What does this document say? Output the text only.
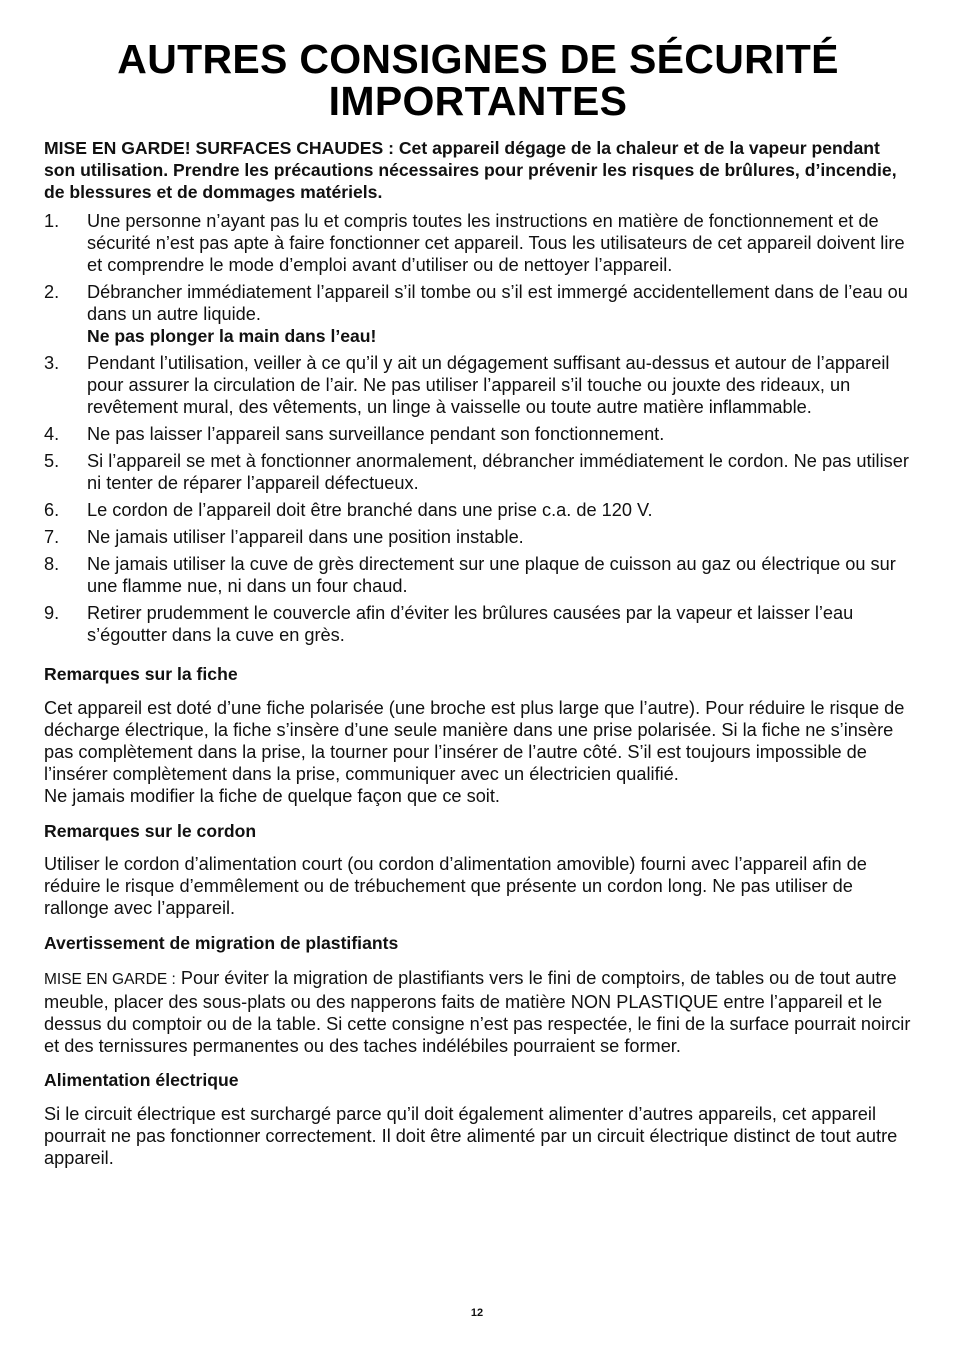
AUTRES CONSIGNES DE SÉCURITÉ IMPORTANTES

MISE EN GARDE! SURFACES CHAUDES : Cet appareil dégage de la chaleur et de la vapeur pendant son utilisation. Prendre les précautions nécessaires pour prévenir les risques de brûlures, d’incendie, de blessures et de dommages matériels.

1. Une personne n’ayant pas lu et compris toutes les instructions en matière de fonctionnement et de sécurité n’est pas apte à faire fonctionner cet appareil. Tous les utilisateurs de cet appareil doivent lire et comprendre le mode d’emploi avant d’utiliser ou de nettoyer l’appareil.
2. Débrancher immédiatement l’appareil s’il tombe ou s’il est immergé accidentellement dans de l’eau ou dans un autre liquide.
Ne pas plonger la main dans l’eau!
3. Pendant l’utilisation, veiller à ce qu’il y ait un dégagement suffisant au-dessus et autour de l’appareil pour assurer la circulation de l’air. Ne pas utiliser l’appareil s’il touche ou jouxte des rideaux, un revêtement mural, des vêtements, un linge à vaisselle ou toute autre matière inflammable.
4. Ne pas laisser l’appareil sans surveillance pendant son fonctionnement.
5. Si l’appareil se met à fonctionner anormalement, débrancher immédiatement le cordon. Ne pas utiliser ni tenter de réparer l’appareil défectueux.
6. Le cordon de l’appareil doit être branché dans une prise c.a. de 120 V.
7. Ne jamais utiliser l’appareil dans une position instable.
8. Ne jamais utiliser la cuve de grès directement sur une plaque de cuisson au gaz ou électrique ou sur une flamme nue, ni dans un four chaud.
9. Retirer prudemment le couvercle afin d’éviter les brûlures causées par la vapeur et laisser l’eau s’égoutter dans la cuve en grès.
Remarques sur la fiche

Cet appareil est doté d’une fiche polarisée (une broche est plus large que l’autre). Pour réduire le risque de décharge électrique, la fiche s’insère d’une seule manière dans une prise polarisée. Si la fiche ne s’insère pas complètement dans la prise, la tourner pour l’insérer de l’autre côté. S’il est toujours impossible de l’insérer complètement dans la prise, communiquer avec un électricien qualifié.

Ne jamais modifier la fiche de quelque façon que ce soit.

Remarques sur le cordon

Utiliser le cordon d’alimentation court (ou cordon d’alimentation amovible) fourni avec l’appareil afin de réduire le risque d’emmêlement ou de trébuchement que présente un cordon long. Ne pas utiliser de rallonge avec l’appareil.

Avertissement de migration de plastifiants

MISE EN GARDE : Pour éviter la migration de plastifiants vers le fini de comptoirs, de tables ou de tout autre meuble, placer des sous-plats ou des napperons faits de matière NON PLASTIQUE entre l’appareil et le dessus du comptoir ou de la table. Si cette consigne n’est pas respectée, le fini de la surface pourrait noircir et des ternissures permanentes ou des taches indélébiles pourraient se former.

Alimentation électrique

Si le circuit électrique est surchargé parce qu’il doit également alimenter d’autres appareils, cet appareil pourrait ne pas fonctionner correctement. Il doit être alimenté par un circuit électrique distinct de tout autre appareil.

12
